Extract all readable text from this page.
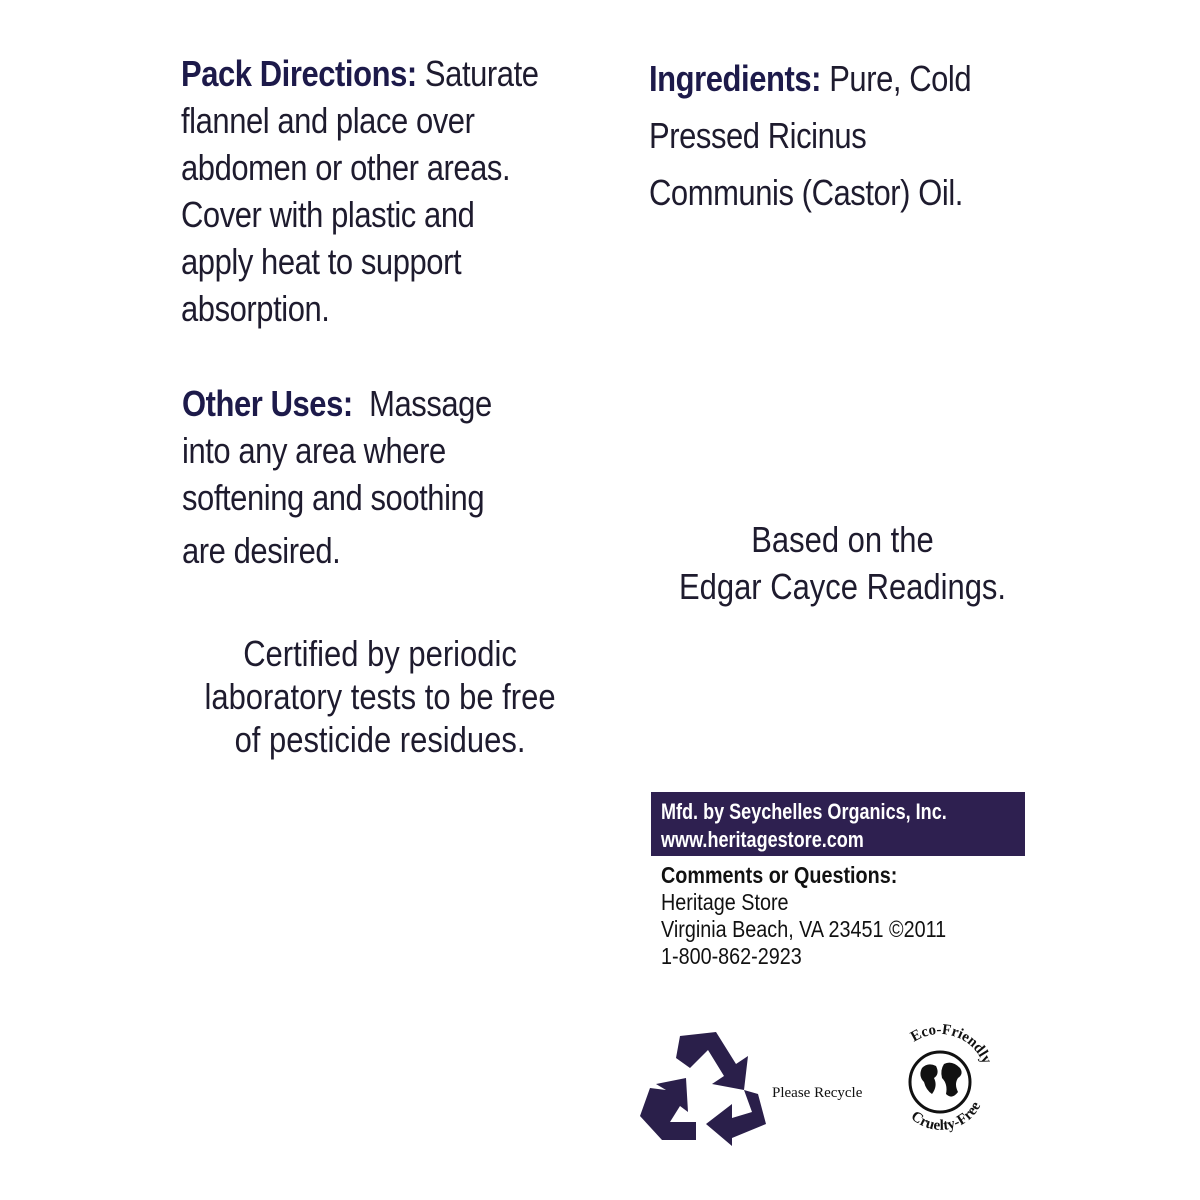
Pack Directions: Saturate
flannel and place over
abdomen or other areas.
Cover with plastic and
apply heat to support
absorption.
Other Uses: Massage
into any area where
softening and soothing
are desired.
Certified by periodic
laboratory tests to be free
of pesticide residues.
Ingredients: Pure, Cold
Pressed Ricinus
Communis (Castor) Oil.
Based on the
Edgar Cayce Readings.
Mfd. by Seychelles Organics, Inc.
www.heritagestore.com
Comments or Questions:
Heritage Store
Virginia Beach, VA 23451 ©2011
1-800-862-2923
Please Recycle
Eco-Friendly
Cruelty-Free
